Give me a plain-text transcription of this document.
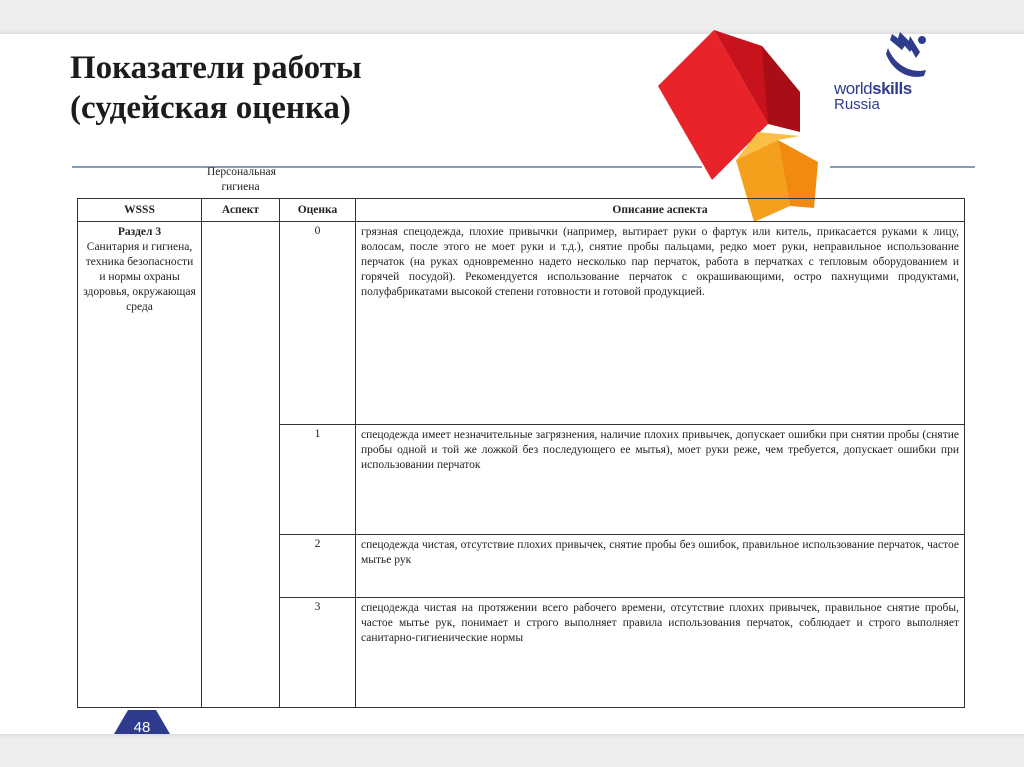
Показатели работы
(судейская оценка)
worldskills
Russia
WSSS	Аспект	Оценка	Описание аспекта

Раздел 3
Санитария и гигиена, техника безопасности и нормы охраны здоровья, окружающая среда	Персональная гигиена	0	грязная спецодежда, плохие привычки (например, вытирает руки о фартук или китель, прикасается руками к лицу, волосам, после этого не моет руки и т.д.), снятие пробы пальцами, редко моет руки, неправильное использование перчаток (на руках одновременно надето несколько пар перчаток, работа в перчатках с тепловым оборудованием и горячей посудой). Рекомендуется использование перчаток с окрашивающими, остро пахнущими продуктами, полуфабрикатами высокой степени готовности и готовой продукцией.
		1	спецодежда имеет незначительные загрязнения, наличие плохих привычек, допускает ошибки при снятии пробы (снятие пробы одной и той же ложкой без последующего ее мытья), моет руки реже, чем требуется, допускает ошибки при использовании перчаток
		2	спецодежда чистая, отсутствие плохих привычек, снятие пробы без ошибок, правильное использование перчаток, частое мытье рук
		3	спецодежда чистая на протяжении всего рабочего времени, отсутствие плохих привычек, правильное снятие пробы, частое мытье рук, понимает и строго выполняет правила использования перчаток, соблюдает и строго выполняет санитарно-гигиенические нормы
48
